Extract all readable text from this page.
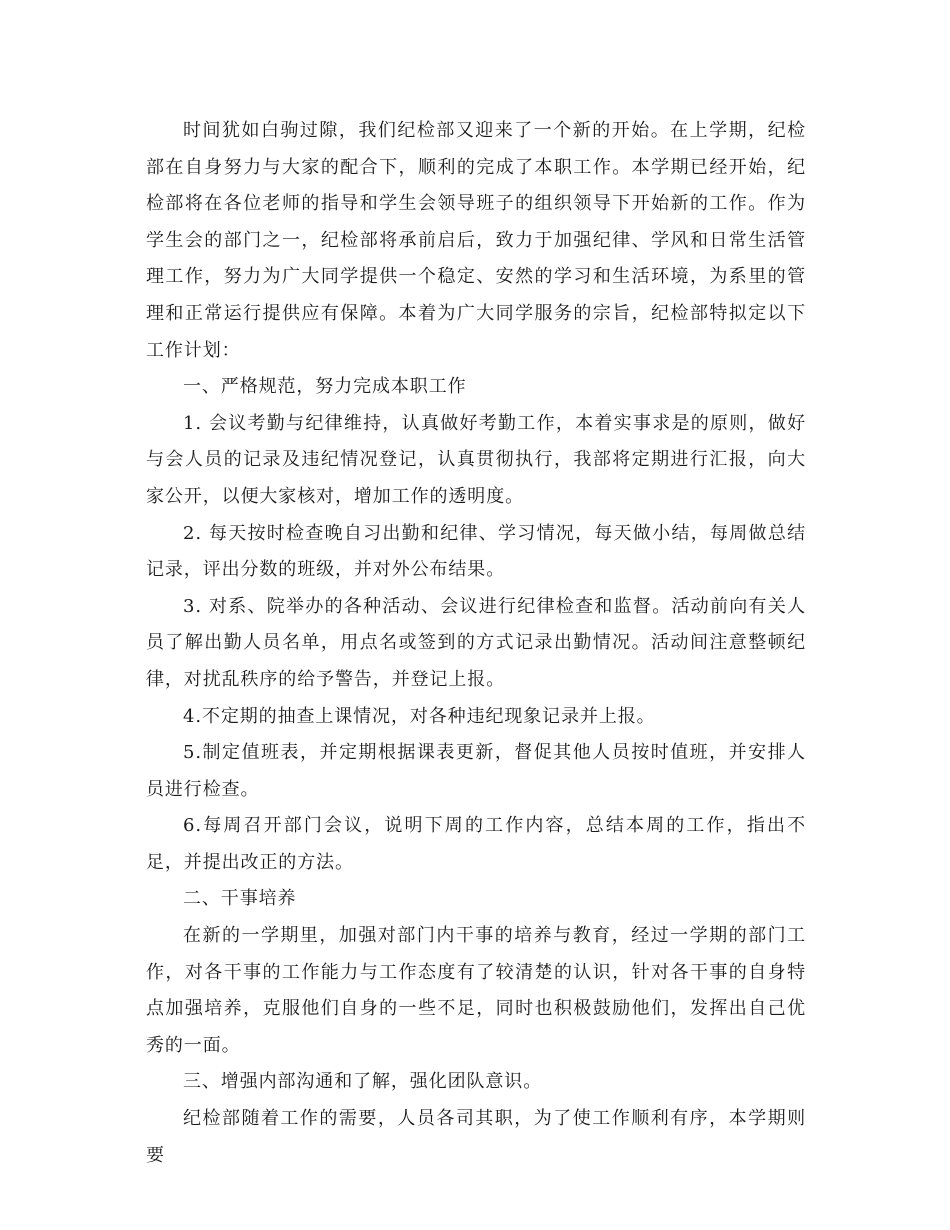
时间犹如白驹过隙，我们纪检部又迎来了一个新的开始。在上学期，纪检部在自身努力与大家的配合下，顺利的完成了本职工作。本学期已经开始，纪检部将在各位老师的指导和学生会领导班子的组织领导下开始新的工作。作为学生会的部门之一，纪检部将承前启后，致力于加强纪律、学风和日常生活管理工作，努力为广大同学提供一个稳定、安然的学习和生活环境，为系里的管理和正常运行提供应有保障。本着为广大同学服务的宗旨，纪检部特拟定以下工作计划：

一、严格规范，努力完成本职工作

1. 会议考勤与纪律维持，认真做好考勤工作，本着实事求是的原则，做好与会人员的记录及违纪情况登记，认真贯彻执行，我部将定期进行汇报，向大家公开，以便大家核对，增加工作的透明度。

2. 每天按时检查晚自习出勤和纪律、学习情况，每天做小结，每周做总结记录，评出分数的班级，并对外公布结果。

3. 对系、院举办的各种活动、会议进行纪律检查和监督。活动前向有关人员了解出勤人员名单，用点名或签到的方式记录出勤情况。活动间注意整顿纪律，对扰乱秩序的给予警告，并登记上报。

4.不定期的抽查上课情况，对各种违纪现象记录并上报。

5.制定值班表，并定期根据课表更新，督促其他人员按时值班，并安排人员进行检查。

6.每周召开部门会议，说明下周的工作内容，总结本周的工作，指出不足，并提出改正的方法。

二、干事培养

在新的一学期里，加强对部门内干事的培养与教育，经过一学期的部门工作，对各干事的工作能力与工作态度有了较清楚的认识，针对各干事的自身特点加强培养，克服他们自身的一些不足，同时也积极鼓励他们，发挥出自己优秀的一面。

三、增强内部沟通和了解，强化团队意识。

纪检部随着工作的需要，人员各司其职，为了使工作顺利有序，本学期则要
